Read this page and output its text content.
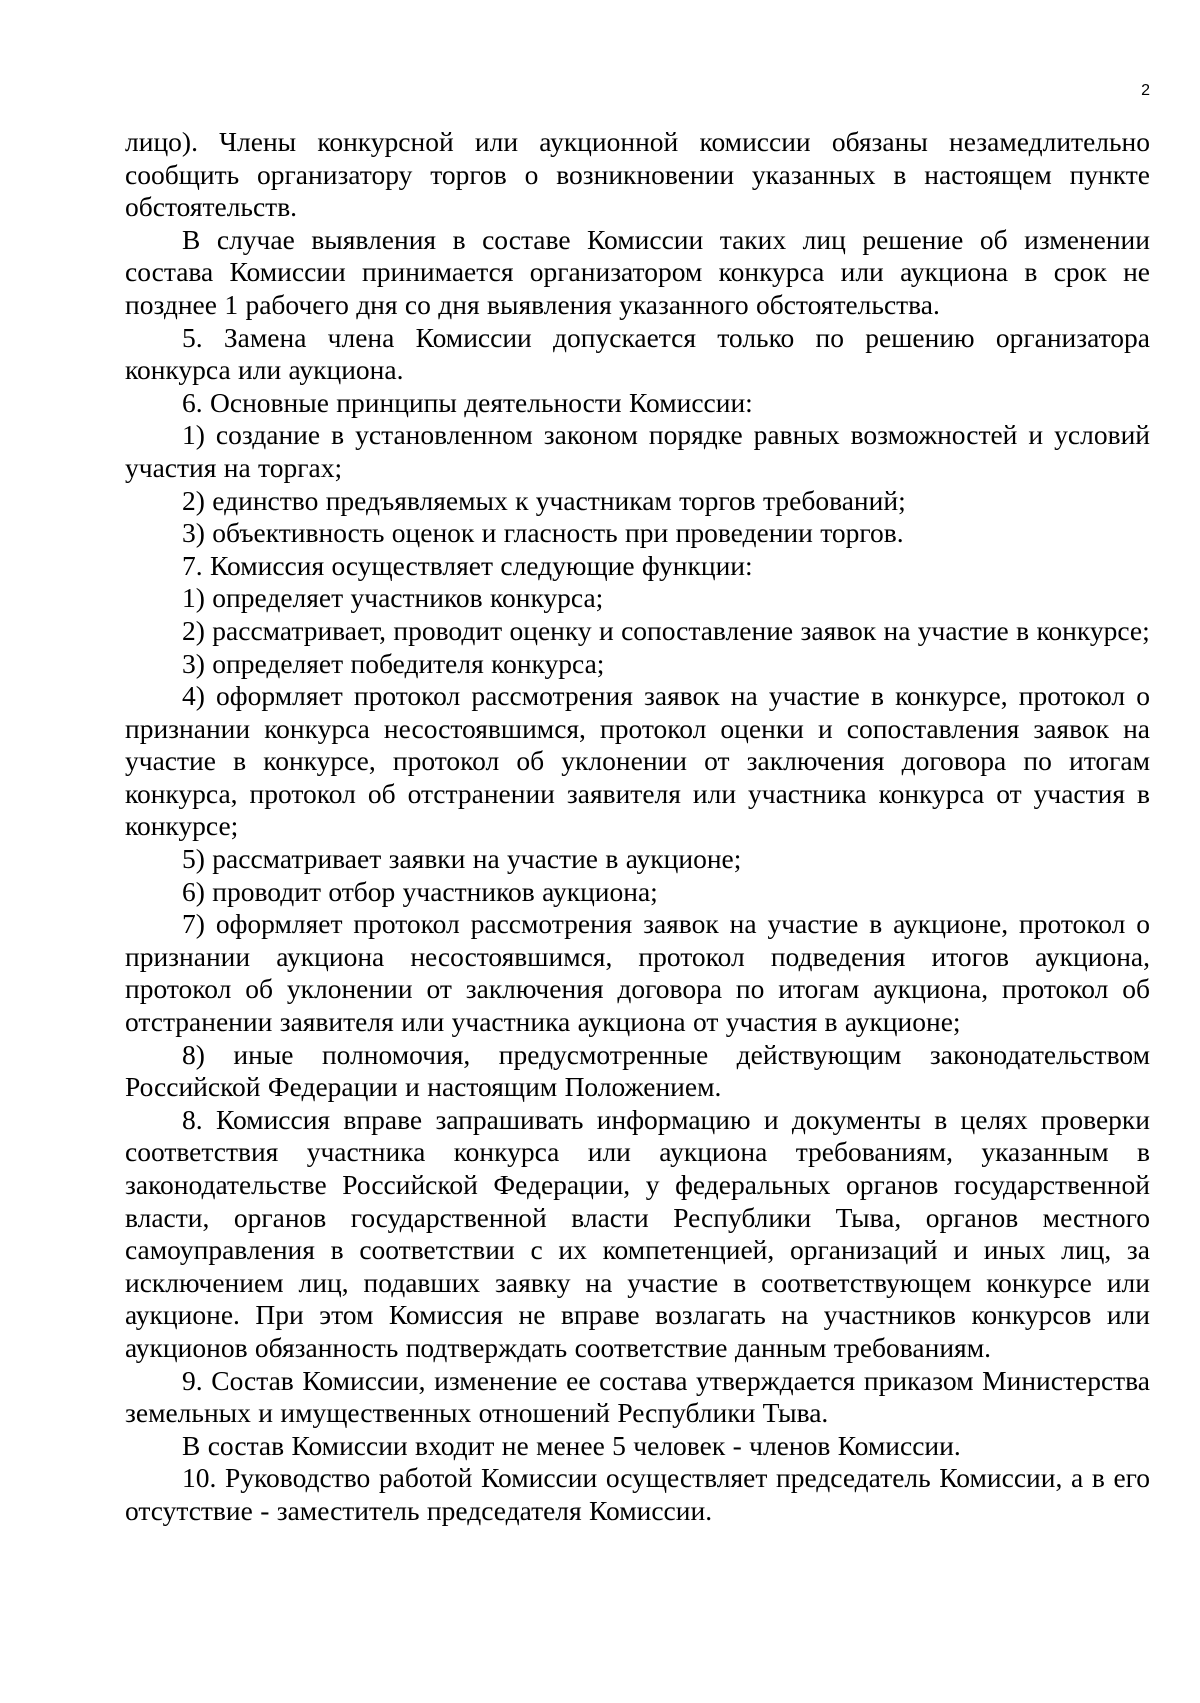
2

лицо). Члены конкурсной или аукционной комиссии обязаны незамедлительно сообщить организатору торгов о возникновении указанных в настоящем пункте обстоятельств.

В случае выявления в составе Комиссии таких лиц решение об изменении состава Комиссии принимается организатором конкурса или аукциона в срок не позднее 1 рабочего дня со дня выявления указанного обстоятельства.

5. Замена члена Комиссии допускается только по решению организатора конкурса или аукциона.

6. Основные принципы деятельности Комиссии:

1) создание в установленном законом порядке равных возможностей и условий участия на торгах;

2) единство предъявляемых к участникам торгов требований;

3) объективность оценок и гласность при проведении торгов.

7. Комиссия осуществляет следующие функции:

1) определяет участников конкурса;

2) рассматривает, проводит оценку и сопоставление заявок на участие в конкурсе;

3) определяет победителя конкурса;

4) оформляет протокол рассмотрения заявок на участие в конкурсе, протокол о признании конкурса несостоявшимся, протокол оценки и сопоставления заявок на участие в конкурсе, протокол об уклонении от заключения договора по итогам конкурса, протокол об отстранении заявителя или участника конкурса от участия в конкурсе;

5) рассматривает заявки на участие в аукционе;

6) проводит отбор участников аукциона;

7) оформляет протокол рассмотрения заявок на участие в аукционе, протокол о признании аукциона несостоявшимся, протокол подведения итогов аукциона, протокол об уклонении от заключения договора по итогам аукциона, протокол об отстранении заявителя или участника аукциона от участия в аукционе;

8) иные полномочия, предусмотренные действующим законодательством Российской Федерации и настоящим Положением.

8. Комиссия вправе запрашивать информацию и документы в целях проверки соответствия участника конкурса или аукциона требованиям, указанным в законодательстве Российской Федерации, у федеральных органов государственной власти, органов государственной власти Республики Тыва, органов местного самоуправления в соответствии с их компетенцией, организаций и иных лиц, за исключением лиц, подавших заявку на участие в соответствующем конкурсе или аукционе. При этом Комиссия не вправе возлагать на участников конкурсов или аукционов обязанность подтверждать соответствие данным требованиям.

9. Состав Комиссии, изменение ее состава утверждается приказом Министерства земельных и имущественных отношений Республики Тыва.

В состав Комиссии входит не менее 5 человек - членов Комиссии.

10. Руководство работой Комиссии осуществляет председатель Комиссии, а в его отсутствие - заместитель председателя Комиссии.
